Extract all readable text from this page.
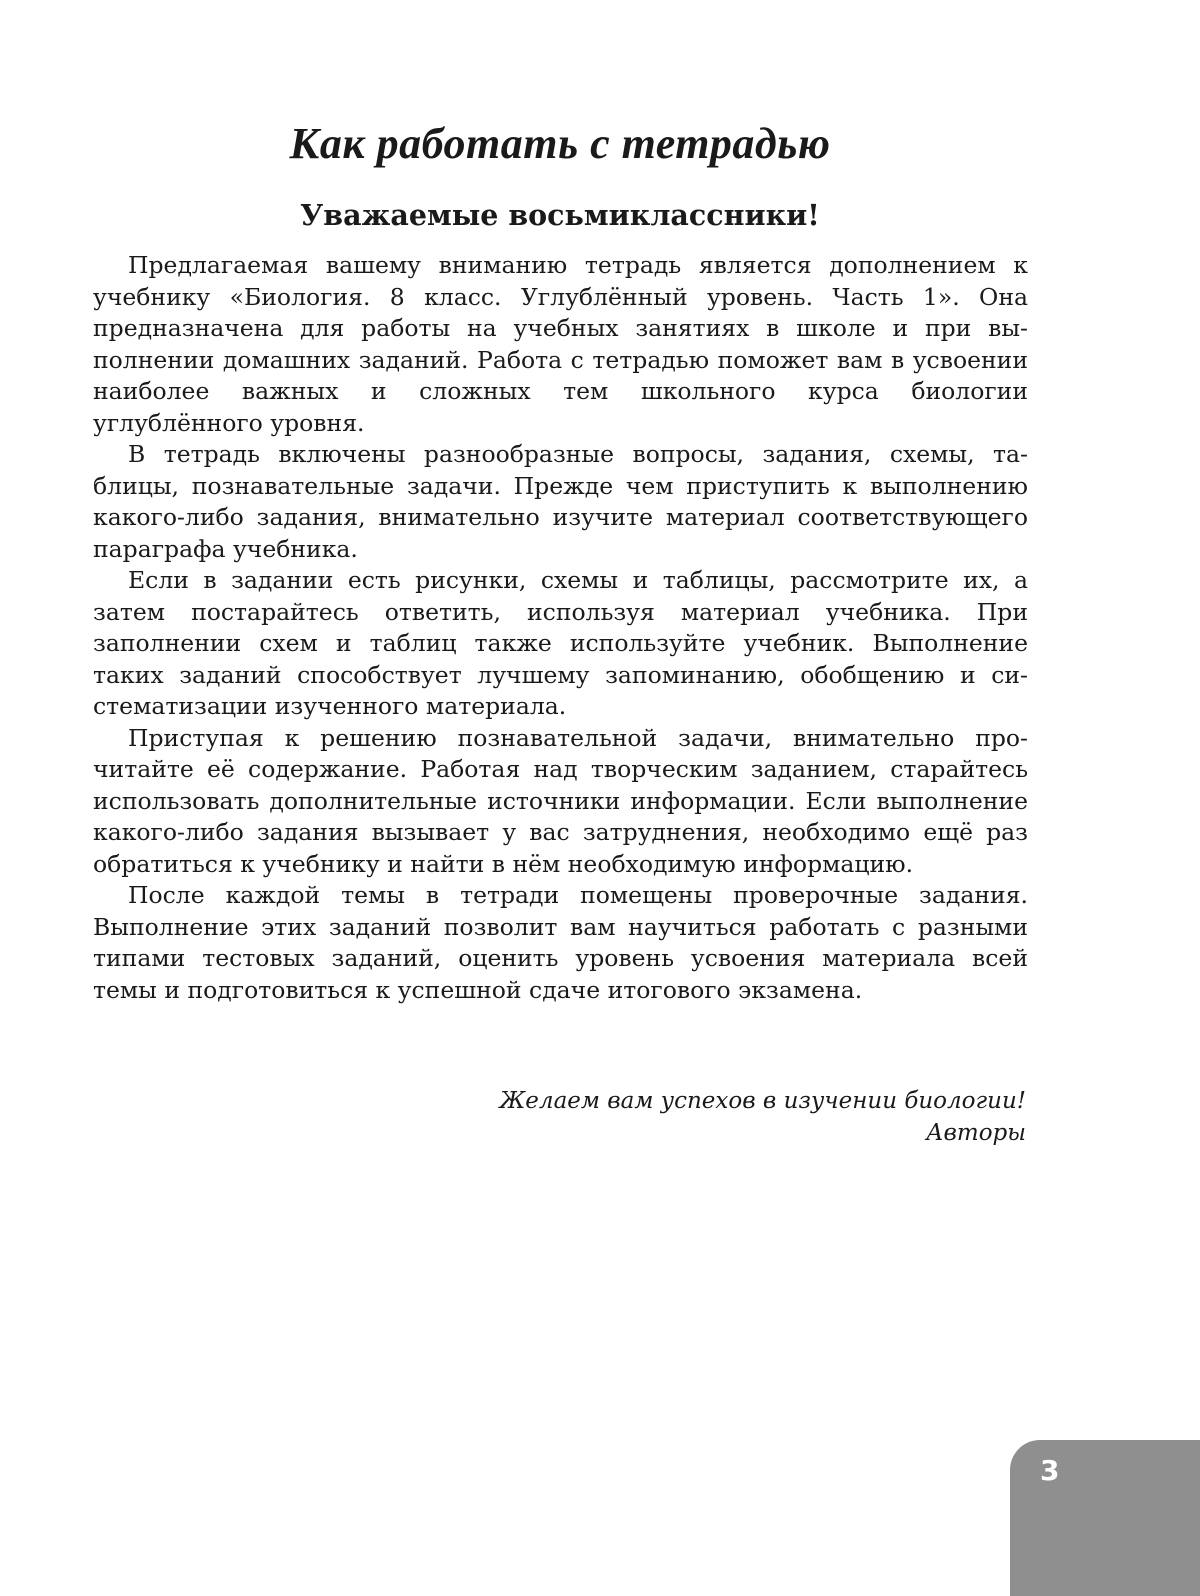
Как работать с тетрадью
Уважаемые восьмиклассники!

Предлагаемая вашему вниманию тетрадь является дополнением к учебнику «Биология. 8 класс. Углублённый уровень. Часть 1». Она предназначена для работы на учебных занятиях в школе и при выполнении домашних заданий. Работа с тетрадью поможет вам в усвоении наиболее важных и сложных тем школьного курса биологии углублённого уровня.

В тетрадь включены разнообразные вопросы, задания, схемы, таблицы, познавательные задачи. Прежде чем приступить к выполнению какого-либо задания, внимательно изучите материал соответствующего параграфа учебника.

Если в задании есть рисунки, схемы и таблицы, рассмотрите их, а затем постарайтесь ответить, используя материал учебника. При заполнении схем и таблиц также используйте учебник. Выполнение таких заданий способствует лучшему запоминанию, обобщению и систематизации изученного материала.

Приступая к решению познавательной задачи, внимательно прочитайте её содержание. Работая над творческим заданием, старайтесь использовать дополнительные источники информации. Если выполнение какого-либо задания вызывает у вас затруднения, необходимо ещё раз обратиться к учебнику и найти в нём необходимую информацию.

После каждой темы в тетради помещены проверочные задания. Выполнение этих заданий позволит вам научиться работать с разными типами тестовых заданий, оценить уровень усвоения материала всей темы и подготовиться к успешной сдаче итогового экзамена.

Желаем вам успехов в изучении биологии!
Авторы
3
